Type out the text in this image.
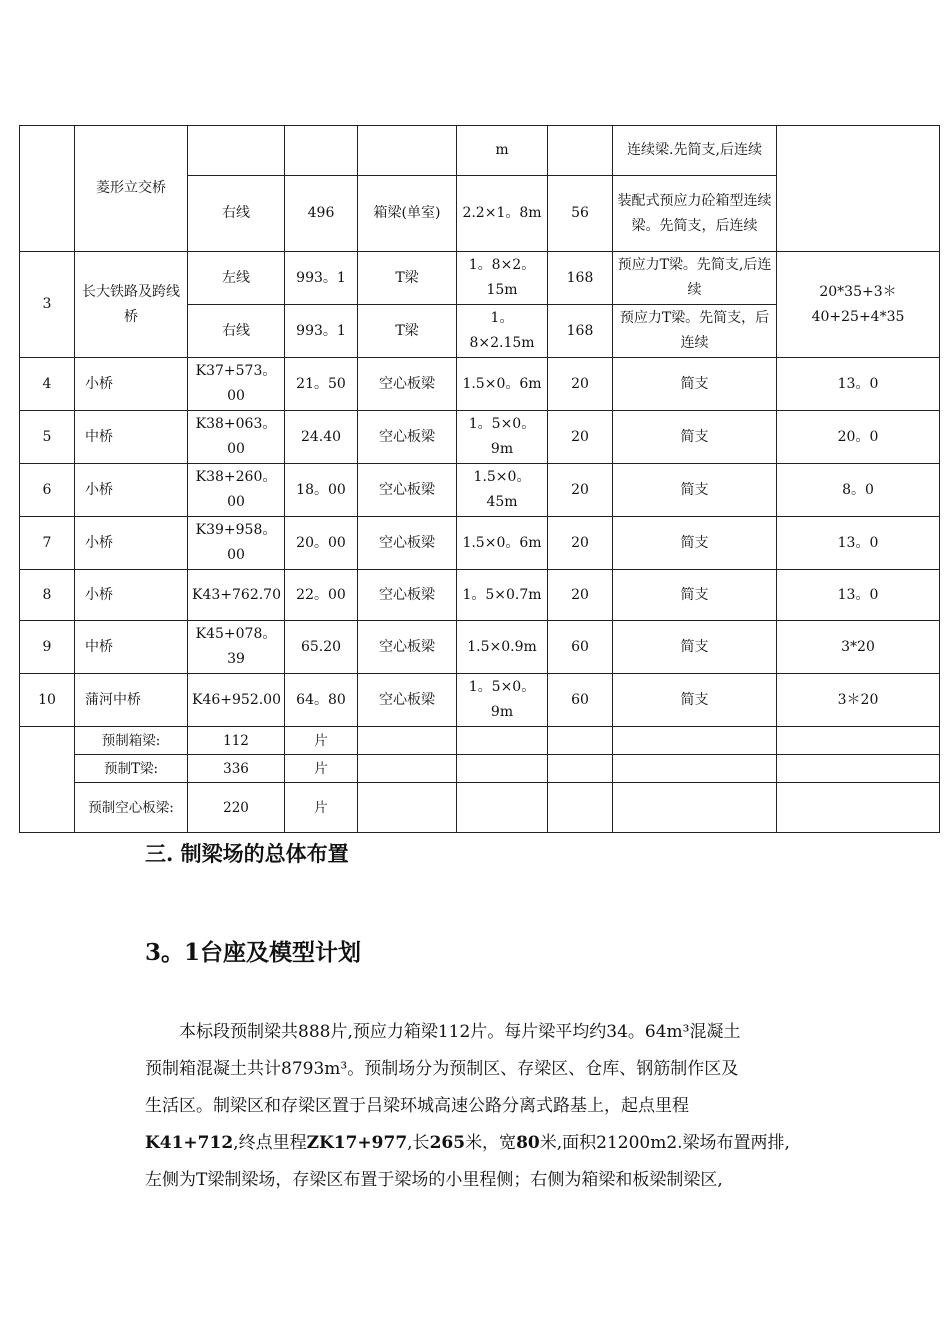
	菱形立交桥				m		连续梁.先简支,后连续	
		右线	496	箱梁(单室)	2.2×1。8m	56	装配式预应力砼箱型连续梁。先简支，后连续	
3	长大铁路及跨线桥	左线	993。1	T梁	1。8×2。15m	168	预应力T梁。先简支,后连续	20*35+3＊40+25+4*35
		右线	993。1	T梁	1。8×2.15m	168	预应力T梁。先简支，后连续	
4	小桥	K37+573。00	21。50	空心板梁	1.5×0。6m	20	简支	13。0
5	中桥	K38+063。00	24.40	空心板梁	1。5×0。9m	20	简支	20。0
6	小桥	K38+260。00	18。00	空心板梁	1.5×0。45m	20	简支	8。0
7	小桥	K39+958。00	20。00	空心板梁	1.5×0。6m	20	简支	13。0
8	小桥	K43+762.70	22。00	空心板梁	1。5×0.7m	20	简支	13。0
9	中桥	K45+078。39	65.20	空心板梁	1.5×0.9m	60	简支	3*20
10	蒲河中桥	K46+952.00	64。80	空心板梁	1。5×0。9m	60	简支	3＊20
	预制箱梁:	112	片					
	预制T梁:	336	片					
	预制空心板梁:	220	片					
三. 制梁场的总体布置
3。1台座及模型计划

本标段预制梁共888片,预应力箱梁112片。每片梁平均约34。64m³混凝土

预制箱混凝土共计8793m³。预制场分为预制区、存梁区、仓库、钢筋制作区及

生活区。制梁区和存梁区置于吕梁环城高速公路分离式路基上，起点里程

K41+712,终点里程ZK17+977,长265米，宽80米,面积21200m2.梁场布置两排,

左侧为T梁制梁场，存梁区布置于梁场的小里程侧；右侧为箱梁和板梁制梁区,
